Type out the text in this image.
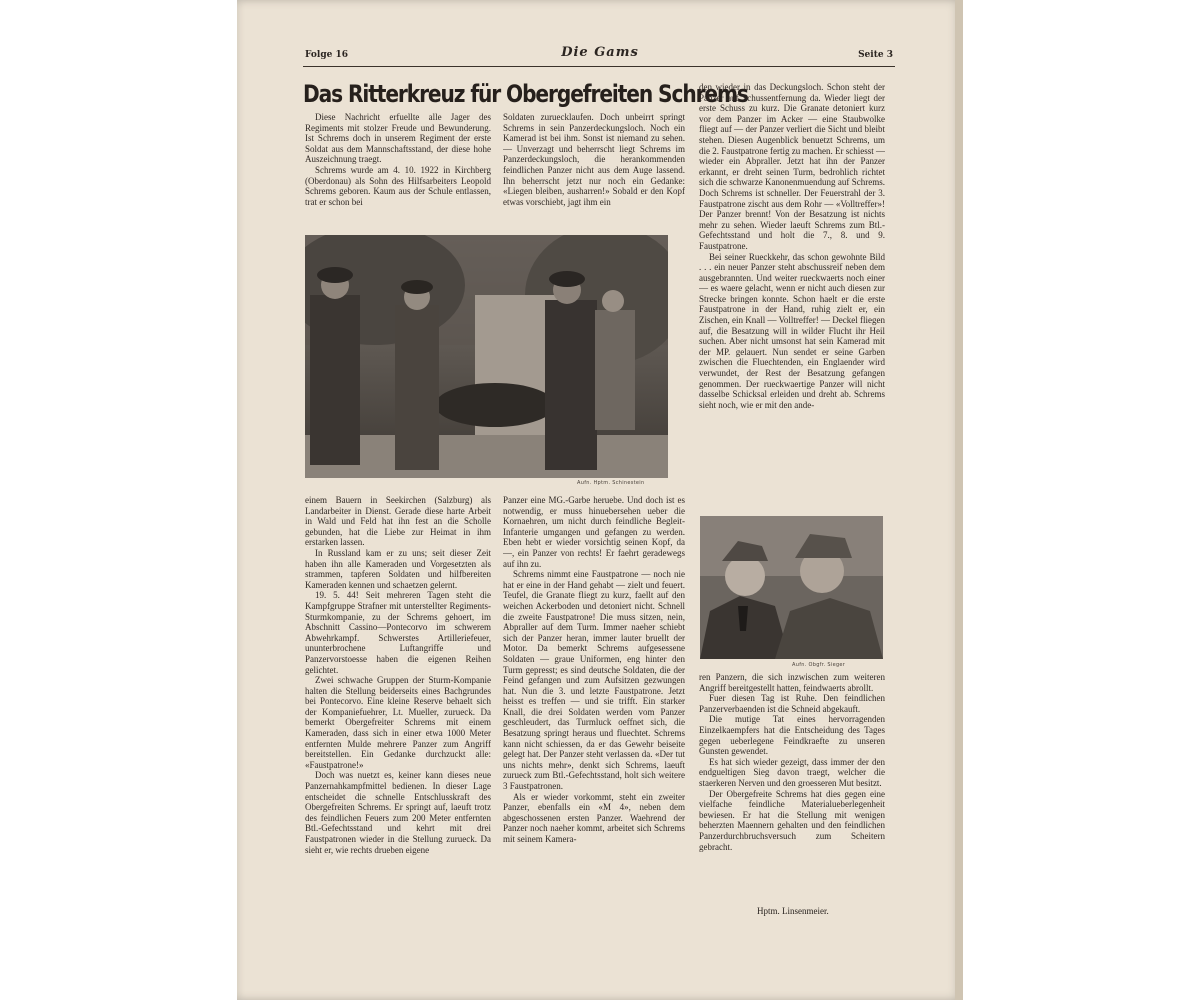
Folge 16	Die Gams	Seite 3
Das Ritterkreuz für Obergefreiten Schrems

Diese Nachricht erfuellte alle Jager des Regiments mit stolzer Freude und Bewunderung. Ist Schrems doch in unserem Regiment der erste Soldat aus dem Mannschaftsstand, der diese hohe Auszeichnung traegt.

Schrems wurde am 4. 10. 1922 in Kirchberg (Oberdonau) als Sohn des Hilfsarbeiters Leopold Schrems geboren. Kaum aus der Schule entlassen, trat er schon bei

Soldaten zuruecklaufen. Doch unbeirrt springt Schrems in sein Panzerdeckungsloch. Noch ein Kamerad ist bei ihm. Sonst ist niemand zu sehen. — Unverzagt und beherrscht liegt Schrems im Panzerdeckungsloch, die herankommenden feindlichen Panzer nicht aus dem Auge lassend. Ihn beherrscht jetzt nur noch ein Gedanke: «Liegen bleiben, ausharren!» Sobald er den Kopf etwas vorschiebt, jagt ihm ein

den wieder in das Deckungsloch. Schon steht der Panzer auf Schussentfernung da. Wieder liegt der erste Schuss zu kurz. Die Granate detoniert kurz vor dem Panzer im Acker — eine Staubwolke fliegt auf — der Panzer verliert die Sicht und bleibt stehen. Diesen Augenblick benuetzt Schrems, um die 2. Faustpatrone fertig zu machen. Er schiesst — wieder ein Abpraller. Jetzt hat ihn der Panzer erkannt, er dreht seinen Turm, bedrohlich richtet sich die schwarze Kanonenmuendung auf Schrems. Doch Schrems ist schneller. Der Feuerstrahl der 3. Faustpatrone zischt aus dem Rohr — «Volltreffer»! Der Panzer brennt! Von der Besatzung ist nichts mehr zu sehen. Wieder laeuft Schrems zum Btl.-Gefechtsstand und holt die 7., 8. und 9. Faustpatrone.

Bei seiner Rueckkehr, das schon gewohnte Bild . . . ein neuer Panzer steht abschussreif neben dem ausgebrannten. Und weiter rueckwaerts noch einer — es waere gelacht, wenn er nicht auch diesen zur Strecke bringen konnte. Schon haelt er die erste Faustpatrone in der Hand, ruhig zielt er, ein Zischen, ein Knall — Volltreffer! — Deckel fliegen auf, die Besatzung will in wilder Flucht ihr Heil suchen. Aber nicht umsonst hat sein Kamerad mit der MP. gelauert. Nun sendet er seine Garben zwischen die Fluechtenden, ein Englaender wird verwundet, der Rest der Besatzung gefangen genommen. Der rueckwaertige Panzer will nicht dasselbe Schicksal erleiden und dreht ab. Schrems sieht noch, wie er mit den ande-

Aufn. Hptm. Schinestein

einem Bauern in Seekirchen (Salzburg) als Landarbeiter in Dienst. Gerade diese harte Arbeit in Wald und Feld hat ihn fest an die Scholle gebunden, hat die Liebe zur Heimat in ihm erstarken lassen.

In Russland kam er zu uns; seit dieser Zeit haben ihn alle Kameraden und Vorgesetzten als strammen, tapferen Soldaten und hilfbereiten Kameraden kennen und schaetzen gelernt.

19. 5. 44! Seit mehreren Tagen steht die Kampfgruppe Strafner mit unterstellter Regiments-Sturmkompanie, zu der Schrems gehoert, im Abschnitt Cassino—Pontecorvo im schwerem Abwehrkampf. Schwerstes Artilleriefeuer, ununterbrochene Luftangriffe und Panzervorstoesse haben die eigenen Reihen gelichtet.

Zwei schwache Gruppen der Sturm-Kompanie halten die Stellung beiderseits eines Bachgrundes bei Pontecorvo. Eine kleine Reserve behaelt sich der Kompaniefuehrer, Lt. Mueller, zurueck. Da bemerkt Obergefreiter Schrems mit einem Kameraden, dass sich in einer etwa 1000 Meter entfernten Mulde mehrere Panzer zum Angriff bereitstellen. Ein Gedanke durchzuckt alle: «Faustpatrone!»

Doch was nuetzt es, keiner kann dieses neue Panzernahkampfmittel bedienen. In dieser Lage entscheidet die schnelle Entschlusskraft des Obergefreiten Schrems. Er springt auf, laeuft trotz des feindlichen Feuers zum 200 Meter entfernten Btl.-Gefechtsstand und kehrt mit drei Faustpatronen wieder in die Stellung zurueck. Da sieht er, wie rechts drueben eigene

Panzer eine MG.-Garbe heruebe. Und doch ist es notwendig, er muss hinuebersehen ueber die Kornaehren, um nicht durch feindliche Begleit-Infanterie umgangen und gefangen zu werden. Eben hebt er wieder vorsichtig seinen Kopf, da —, ein Panzer von rechts! Er faehrt geradewegs auf ihn zu.

Schrems nimmt eine Faustpatrone — noch nie hat er eine in der Hand gehabt — zielt und feuert. Teufel, die Granate fliegt zu kurz, faellt auf den weichen Ackerboden und detoniert nicht. Schnell die zweite Faustpatrone! Die muss sitzen, nein, Abpraller auf dem Turm. Immer naeher schiebt sich der Panzer heran, immer lauter bruellt der Motor. Da bemerkt Schrems aufgesessene Soldaten — graue Uniformen, eng hinter den Turm gepresst; es sind deutsche Soldaten, die der Feind gefangen und zum Aufsitzen gezwungen hat. Nun die 3. und letzte Faustpatrone. Jetzt heisst es treffen — und sie trifft. Ein starker Knall, die drei Soldaten werden vom Panzer geschleudert, das Turmluck oeffnet sich, die Besatzung springt heraus und fluechtet. Schrems kann nicht schiessen, da er das Gewehr beiseite gelegt hat. Der Panzer steht verlassen da. «Der tut uns nichts mehr», denkt sich Schrems, laeuft zurueck zum Btl.-Gefechtsstand, holt sich weitere 3 Faustpatronen.

Als er wieder vorkommt, steht ein zweiter Panzer, ebenfalls ein «M 4», neben dem abgeschossenen ersten Panzer. Waehrend der Panzer noch naeher kommt, arbeitet sich Schrems mit seinem Kamera-

Aufn. Obgfr. Sieger

ren Panzern, die sich inzwischen zum weiteren Angriff bereitgestellt hatten, feindwaerts abrollt.

Fuer diesen Tag ist Ruhe. Den feindlichen Panzerverbaenden ist die Schneid abgekauft.

Die mutige Tat eines hervorragenden Einzelkaempfers hat die Entscheidung des Tages gegen ueberlegene Feindkraefte zu unseren Gunsten gewendet.

Es hat sich wieder gezeigt, dass immer der den endgueltigen Sieg davon traegt, welcher die staerkeren Nerven und den groesseren Mut besitzt.

Der Obergefreite Schrems hat dies gegen eine vielfache feindliche Materialueberlegenheit bewiesen. Er hat die Stellung mit wenigen beherzten Maennern gehalten und den feindlichen Panzerdurchbruchsversuch zum Scheitern gebracht.

Hptm. Linsenmeier.
